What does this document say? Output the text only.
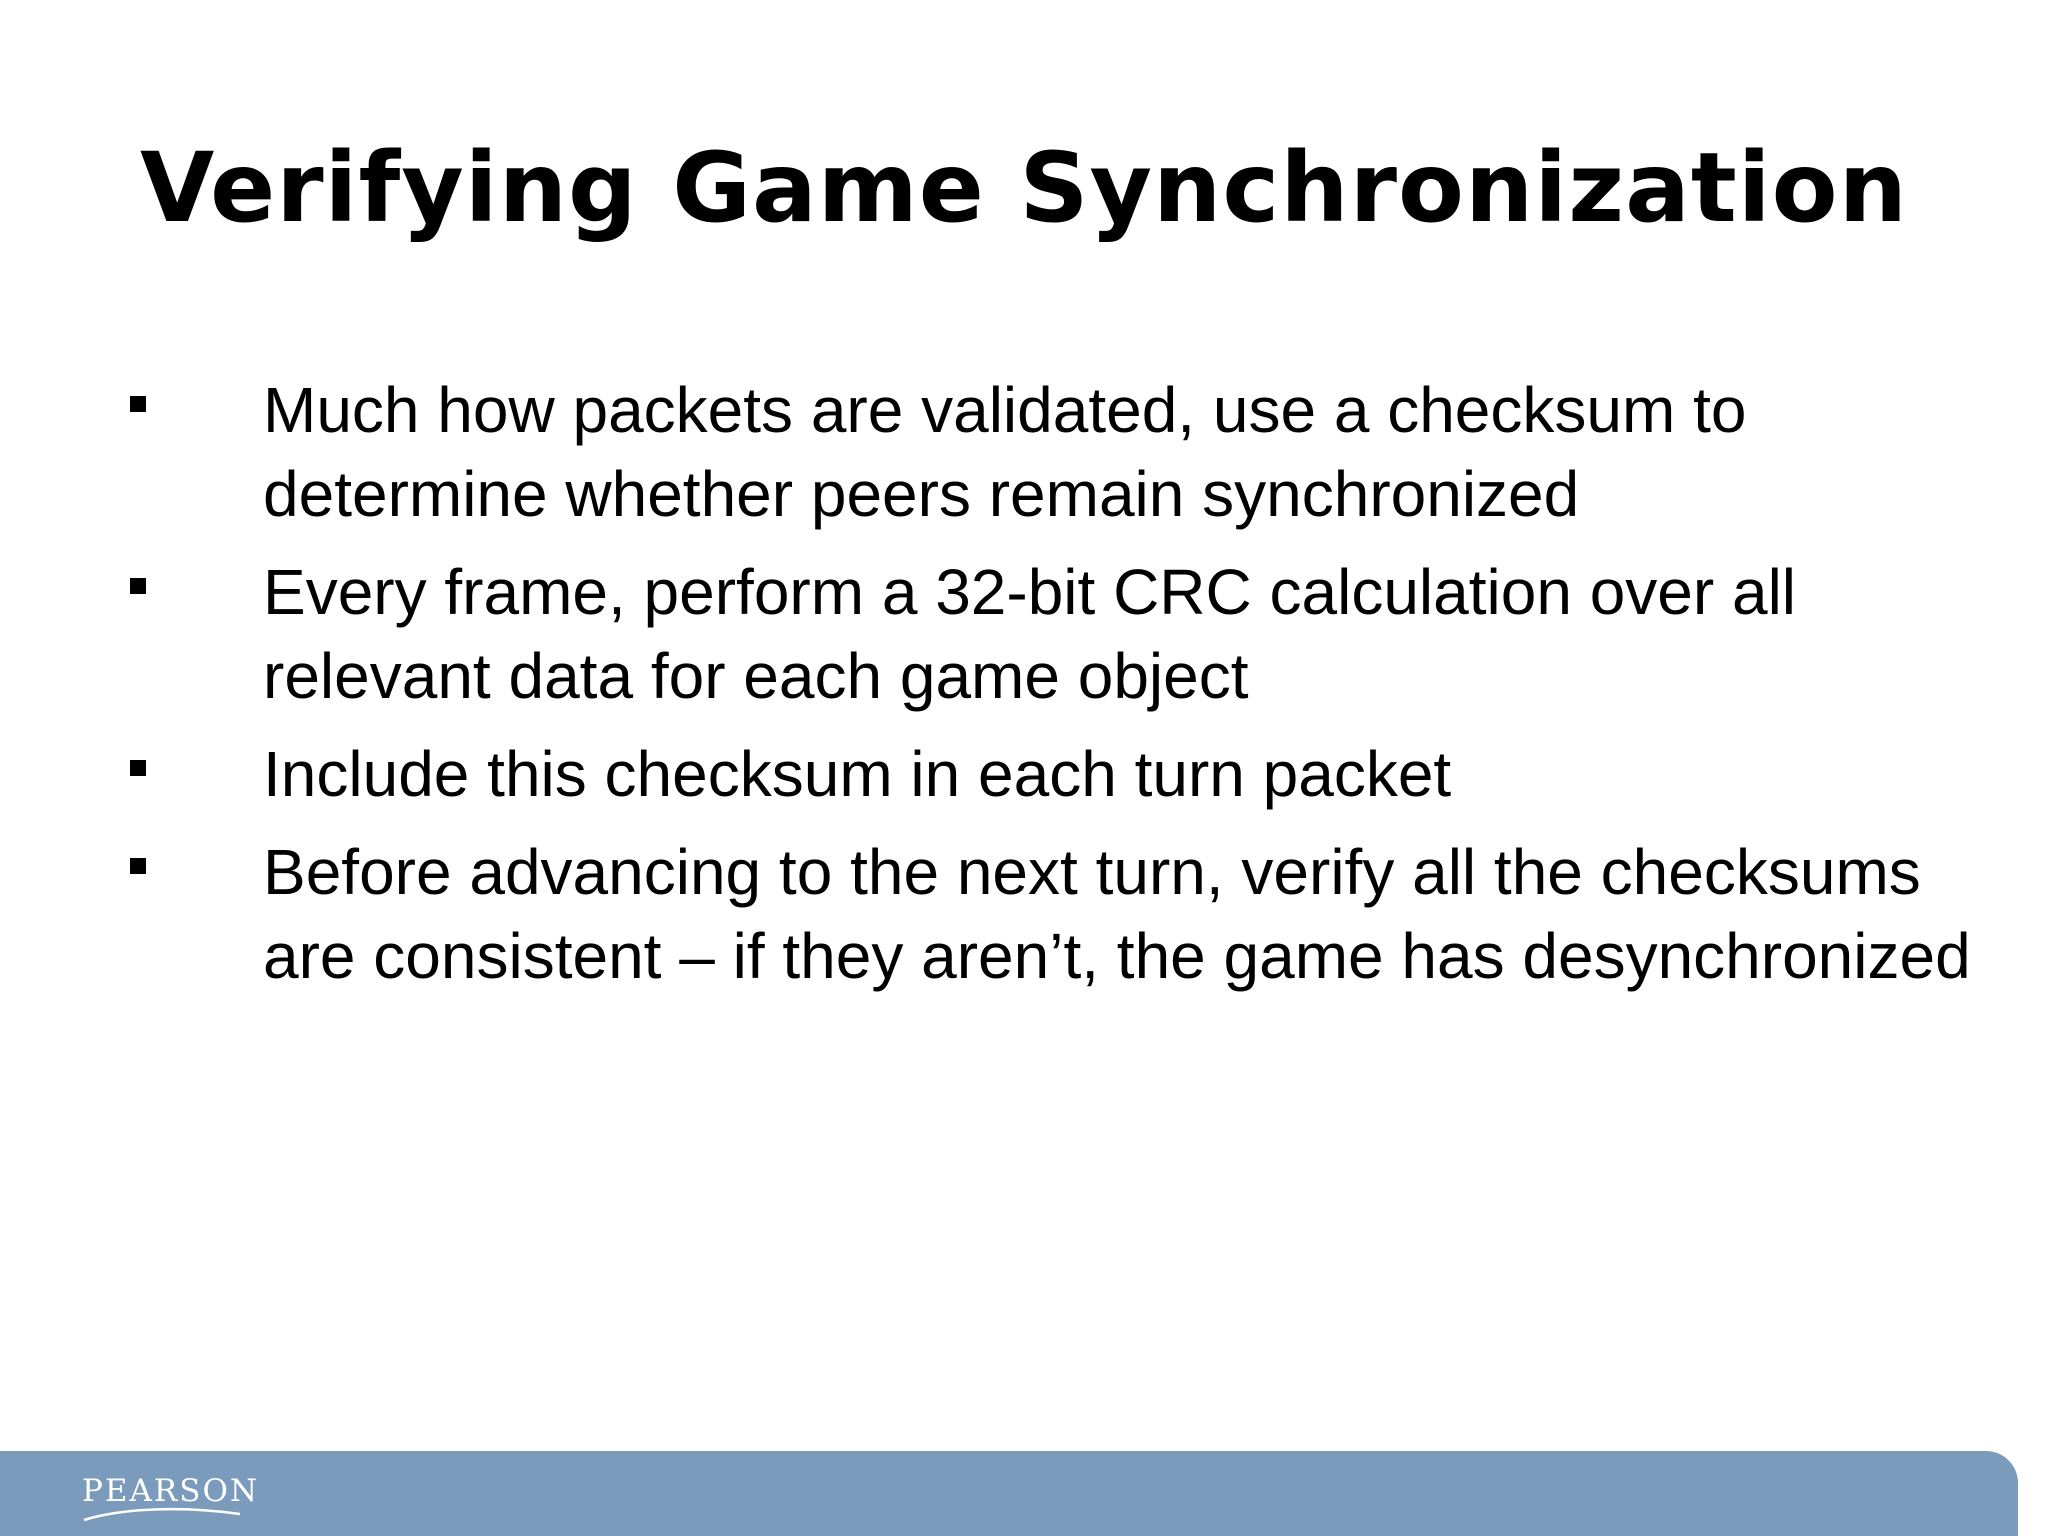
Verifying Game Synchronization
Much how packets are validated, use a checksum to determine whether peers remain synchronized
Every frame, perform a 32-bit CRC calculation over all relevant data for each game object
Include this checksum in each turn packet
Before advancing to the next turn, verify all the checksums are consistent – if they aren’t, the game has desynchronized
PEARSON
